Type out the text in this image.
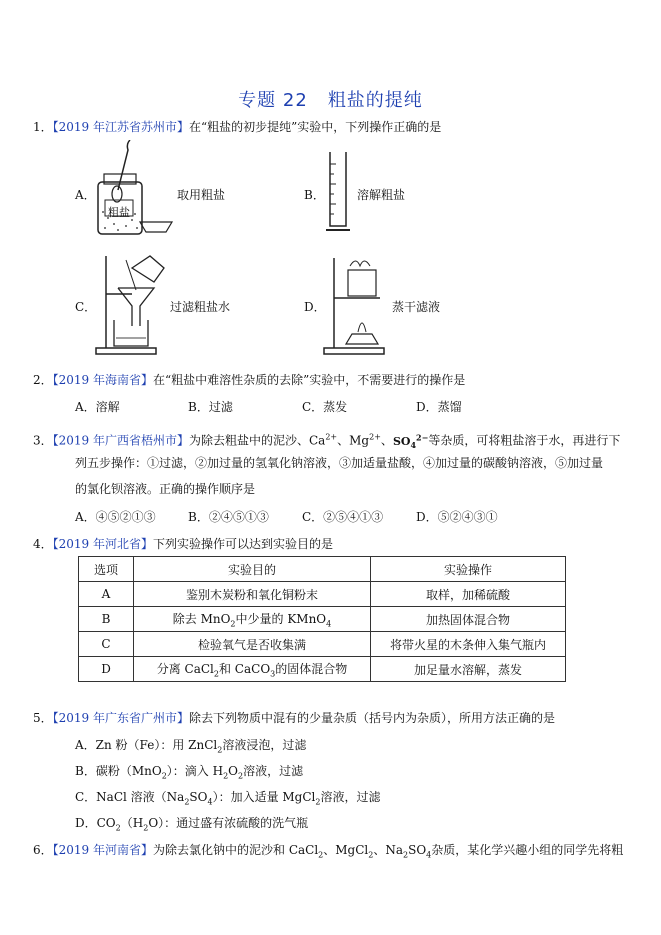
专题 22 粗盐的提纯
1．【2019 年江苏省苏州市】在“粗盐的初步提纯”实验中，下列操作正确的是
A．
粗盐
取用粗盐	B．	溶解粗盐
C．	过滤粗盐水	D．	蒸干滤液
2．【2019 年海南省】在“粗盐中难溶性杂质的去除”实验中，不需要进行的操作是
A．溶解	B．过滤	C．蒸发	D．蒸馏
3．【2019 年广西省梧州市】为除去粗盐中的泥沙、$Ca^{2+}$、$Mg^{2+}$、$SO_4^{2-}$等杂质，可将粗盐溶于水，再进行下
列五步操作：①过滤，②加过量的氢氧化钠溶液，③加适量盐酸，④加过量的碳酸钠溶液，⑤加过量
的氯化钡溶液。正确的操作顺序是
A．④⑤②①③	B．②④⑤①③	C．②⑤④①③	D．⑤②④③①
4．【2019 年河北省】下列实验操作可以达到实验目的是
选项	实验目的	实验操作
A	鉴别木炭粉和氧化铜粉末	取样，加稀硫酸
B	除去 MnO$_2$中少量的 KMnO$_4$	加热固体混合物
C	检验氧气是否收集满	将带火星的木条伸入集气瓶内
D	分离 CaCl$_2$和 CaCO$_3$的固体混合物	加足量水溶解，蒸发
5．【2019 年广东省广州市】除去下列物质中混有的少量杂质（括号内为杂质），所用方法正确的是
A．Zn 粉（Fe）：用 ZnCl$_2$溶液浸泡，过滤
B．碳粉（MnO$_2$）：滴入 $H_2O_2$溶液，过滤
C．NaCl 溶液$(Na_2SO_4)$：加入适量 MgCl$_2$溶液，过滤
D．$CO_2(H_2O)$：通过盛有浓硫酸的洗气瓶
6．【2019 年河南省】为除去氯化钠中的泥沙和 CaCl$_2$、MgCl$_2$、$Na_2SO_4$杂质，某化学兴趣小组的同学先将粗
